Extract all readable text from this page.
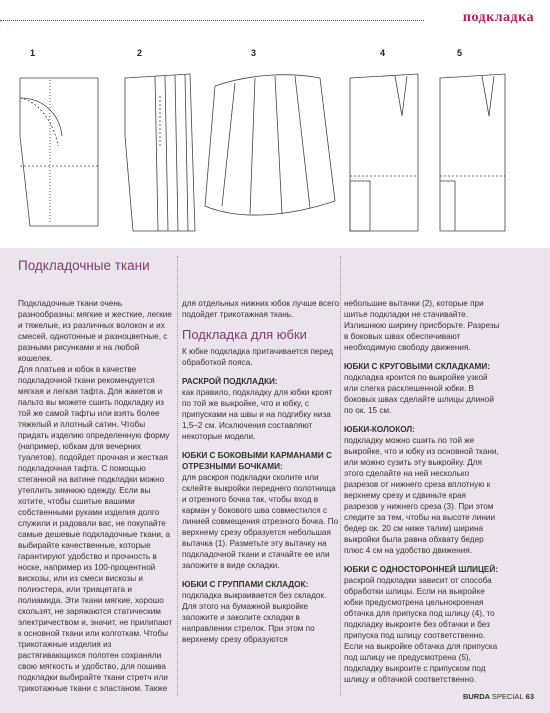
подкладка
1	2	3	4	5
Подкладочные ткани

Подкладочные ткани очень разнообразны: мягкие и жесткие, легкие и тяжелые, из различных волокон и их смесей, однотонные и разноцветные, с разными рисунками и на любой кошелек.

Для платьев и юбок в качестве подкладочной ткани рекомендуется мягкая и легкая тафта. Для жакетов и пальто вы можете сшить подкладку из той же самой тафты или взять более тяжелый и плотный сатин. Чтобы придать изделию определенную форму (например, юбкам для вечерних туалетов), подойдет прочная и жесткая подкладочная тафта. С помощью стеганной на ватине подкладки можно утеплить зимнюю одежду. Если вы хотите, чтобы сшитые вашими собственными руками изделия долго служили и радовали вас, не покупайте самые дешевые подкладочные ткани, а выбирайте качественные, которые гарантируют удобство и прочность в носке, например из 100-процентной вискозы, или из смеси вискозы и полиэстера, или триацетата и полиамида. Эти ткани мягкие, хорошо скользят, не заряжаются статическим электричеством и, значит, не прилипают к основной ткани или колготкам. Чтобы трикотажные изделия из растягивающихся полотен сохраняли свою мягкость и удобство, для пошива подкладки выбирайте ткани стретч или трикотажные ткани с эластаном. Также

для отдельных нижних юбок лучше всего подойдет трикотажная ткань.

Подкладка для юбки

К юбке подкладка притачивается перед обработкой пояса.

РАСКРОЙ ПОДКЛАДКИ:

как правило, подкладку для юбки кроят по той же выкройке, что и юбку, с припусками на швы и на подгибку низа 1,5–2 см. Исключения составляют некоторые модели.

ЮБКИ С БОКОВЫМИ КАРМАНАМИ С ОТРЕЗНЫМИ БОЧКАМИ:

для раскроя подкладки сколите или склейте выкройки переднего полотнища и отрезного бочка так, чтобы вход в карман у бокового шва совместился с линией совмещения отрезного бочка. По верхнему срезу образуется небольшая вытачка (1). Разметьте эту вытачку на подкладочной ткани и стачайте ее или заложите в виде складки.

ЮБКИ С ГРУППАМИ СКЛАДОК:

подкладка выкраивается без складок. Для этого на бумажной выкройке заложите и заколите складки в направлении стрелок. При этом по верхнему срезу образуются

небольшие вытачки (2), которые при шитье подкладки не стачивайте. Излишнюю ширину присборьте. Разрезы в боковых швах обеспечивают необходимую свободу движения.

ЮБКИ С КРУГОВЫМИ СКЛАДКАМИ:

подкладка кроится по выкройке узкой или слегка расклешенной юбки. В боковых швах сделайте шлицы длиной по ок. 15 см.

ЮБКИ-КОЛОКОЛ:

подкладку можно сшить по той же выкройке, что и юбку из основной ткани, или можно сузить эту выкройку. Для этого сделайте на ней несколько разрезов от нижнего среза вплотную к верхнему срезу и сдвиньте края разрезов у нижнего среза (3). При этом следите за тем, чтобы на высоте линии бедер ок. 20 см ниже талии) ширина выкройки была равна обхвату бедер плюс 4 см на удобство движения.

ЮБКИ С ОДНОСТОРОННЕЙ ШЛИЦЕЙ:

раскрой подкладки зависит от способа обработки шлицы. Если на выкройке юбки предусмотрена цельнокроеная обтачка для припуска под шлицу (4), то подкладку выкроите без обтачки и без припуска под шлицу соответственно. Если на выкройке обтачка для припуска под шлицу не предусмотрена (5), подкладку выкроите с припуском под шлицу и обтачкой соответственно.

BURDA SPECIAL 63
